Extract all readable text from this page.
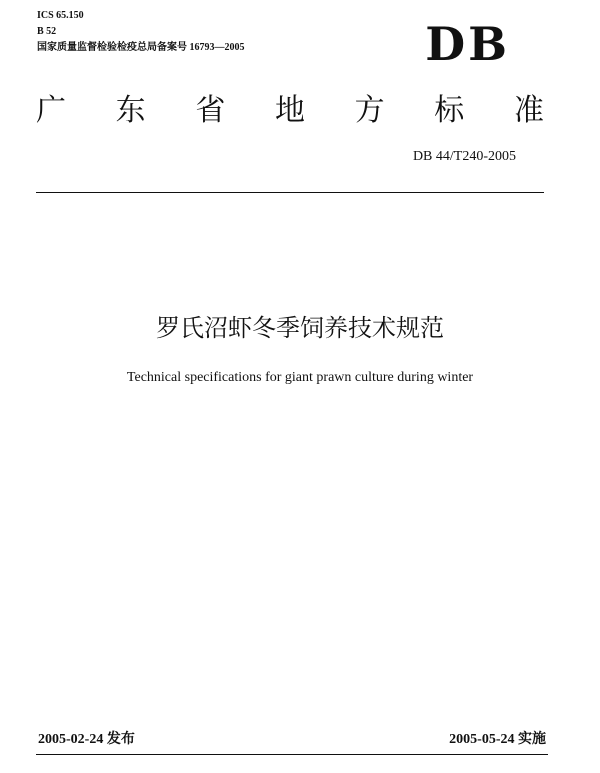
ICS 65.150
B 52
国家质量监督检验检疫总局备案号 16793—2005	DB
广 东 省 地 方 标 准
DB 44/T240-2005
罗氏沼虾冬季饲养技术规范
Technical specifications for giant prawn culture during winter
2005-02-24 发布	2005-05-24 实施
